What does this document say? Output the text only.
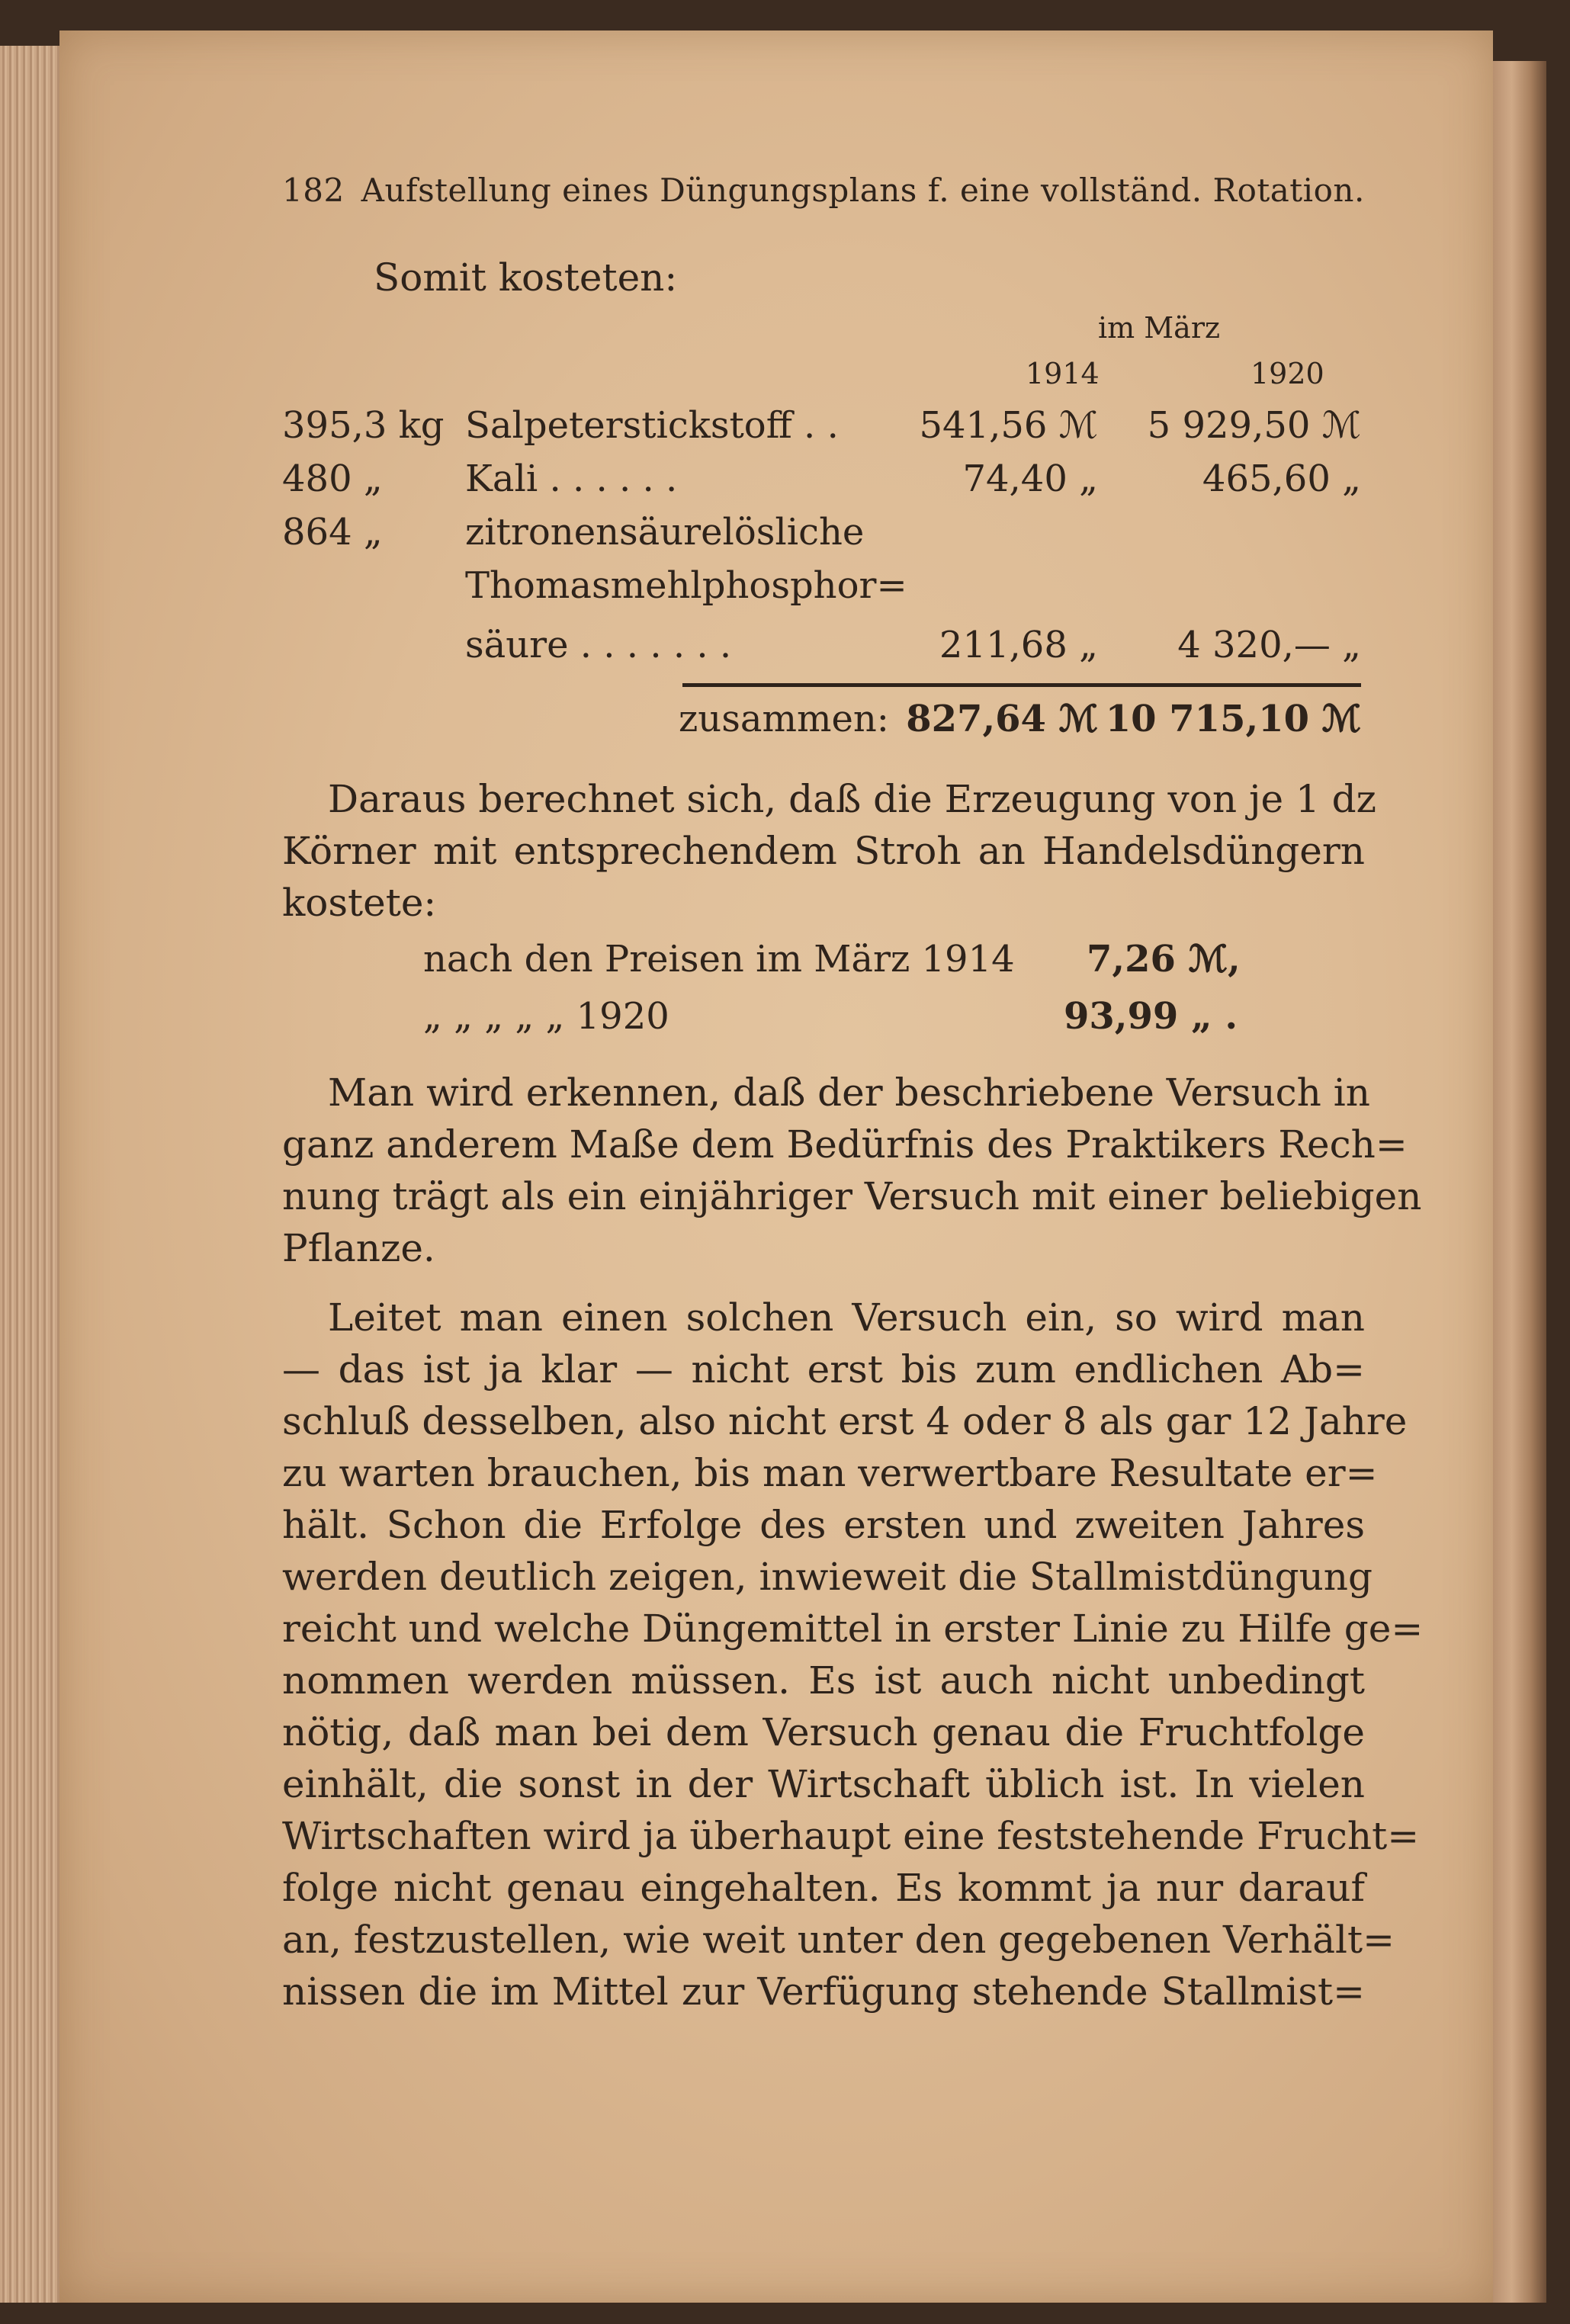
182 Aufstellung eines Düngungsplans f. eine vollständ. Rotation.
Somit kosteten:
im März
1914	1920
395,3 kg Salpeterstickstoff . .	541,56 ℳ	5 929,50 ℳ
480 „ Kali . . . . . .	74,40 „	465,60 „
864 „ zitronensäurelösliche
Thomasmehlphosphor=
säure . . . . . . .	211,68 „	4 320,— „
zusammen: 827,64 ℳ 10 715,10 ℳ
Daraus berechnet sich, daß die Erzeugung von je 1 dz
Körner mit entsprechendem Stroh an Handelsdüngern
kostete:
nach den Preisen im März 1914 7,26 ℳ,
„ „ „ „ „ 1920	93,99 „ .
Man wird erkennen, daß der beschriebene Versuch in
ganz anderem Maße dem Bedürfnis des Praktikers Rech=
nung trägt als ein einjähriger Versuch mit einer beliebigen
Pflanze.
Leitet man einen solchen Versuch ein, so wird man
— das ist ja klar — nicht erst bis zum endlichen Ab=
schluß desselben, also nicht erst 4 oder 8 als gar 12 Jahre
zu warten brauchen, bis man verwertbare Resultate er=
hält. Schon die Erfolge des ersten und zweiten Jahres
werden deutlich zeigen, inwieweit die Stallmistdüngung
reicht und welche Düngemittel in erster Linie zu Hilfe ge=
nommen werden müssen. Es ist auch nicht unbedingt
nötig, daß man bei dem Versuch genau die Fruchtfolge
einhält, die sonst in der Wirtschaft üblich ist. In vielen
Wirtschaften wird ja überhaupt eine feststehende Frucht=
folge nicht genau eingehalten. Es kommt ja nur darauf
an, festzustellen, wie weit unter den gegebenen Verhält=
nissen die im Mittel zur Verfügung stehende Stallmist=
